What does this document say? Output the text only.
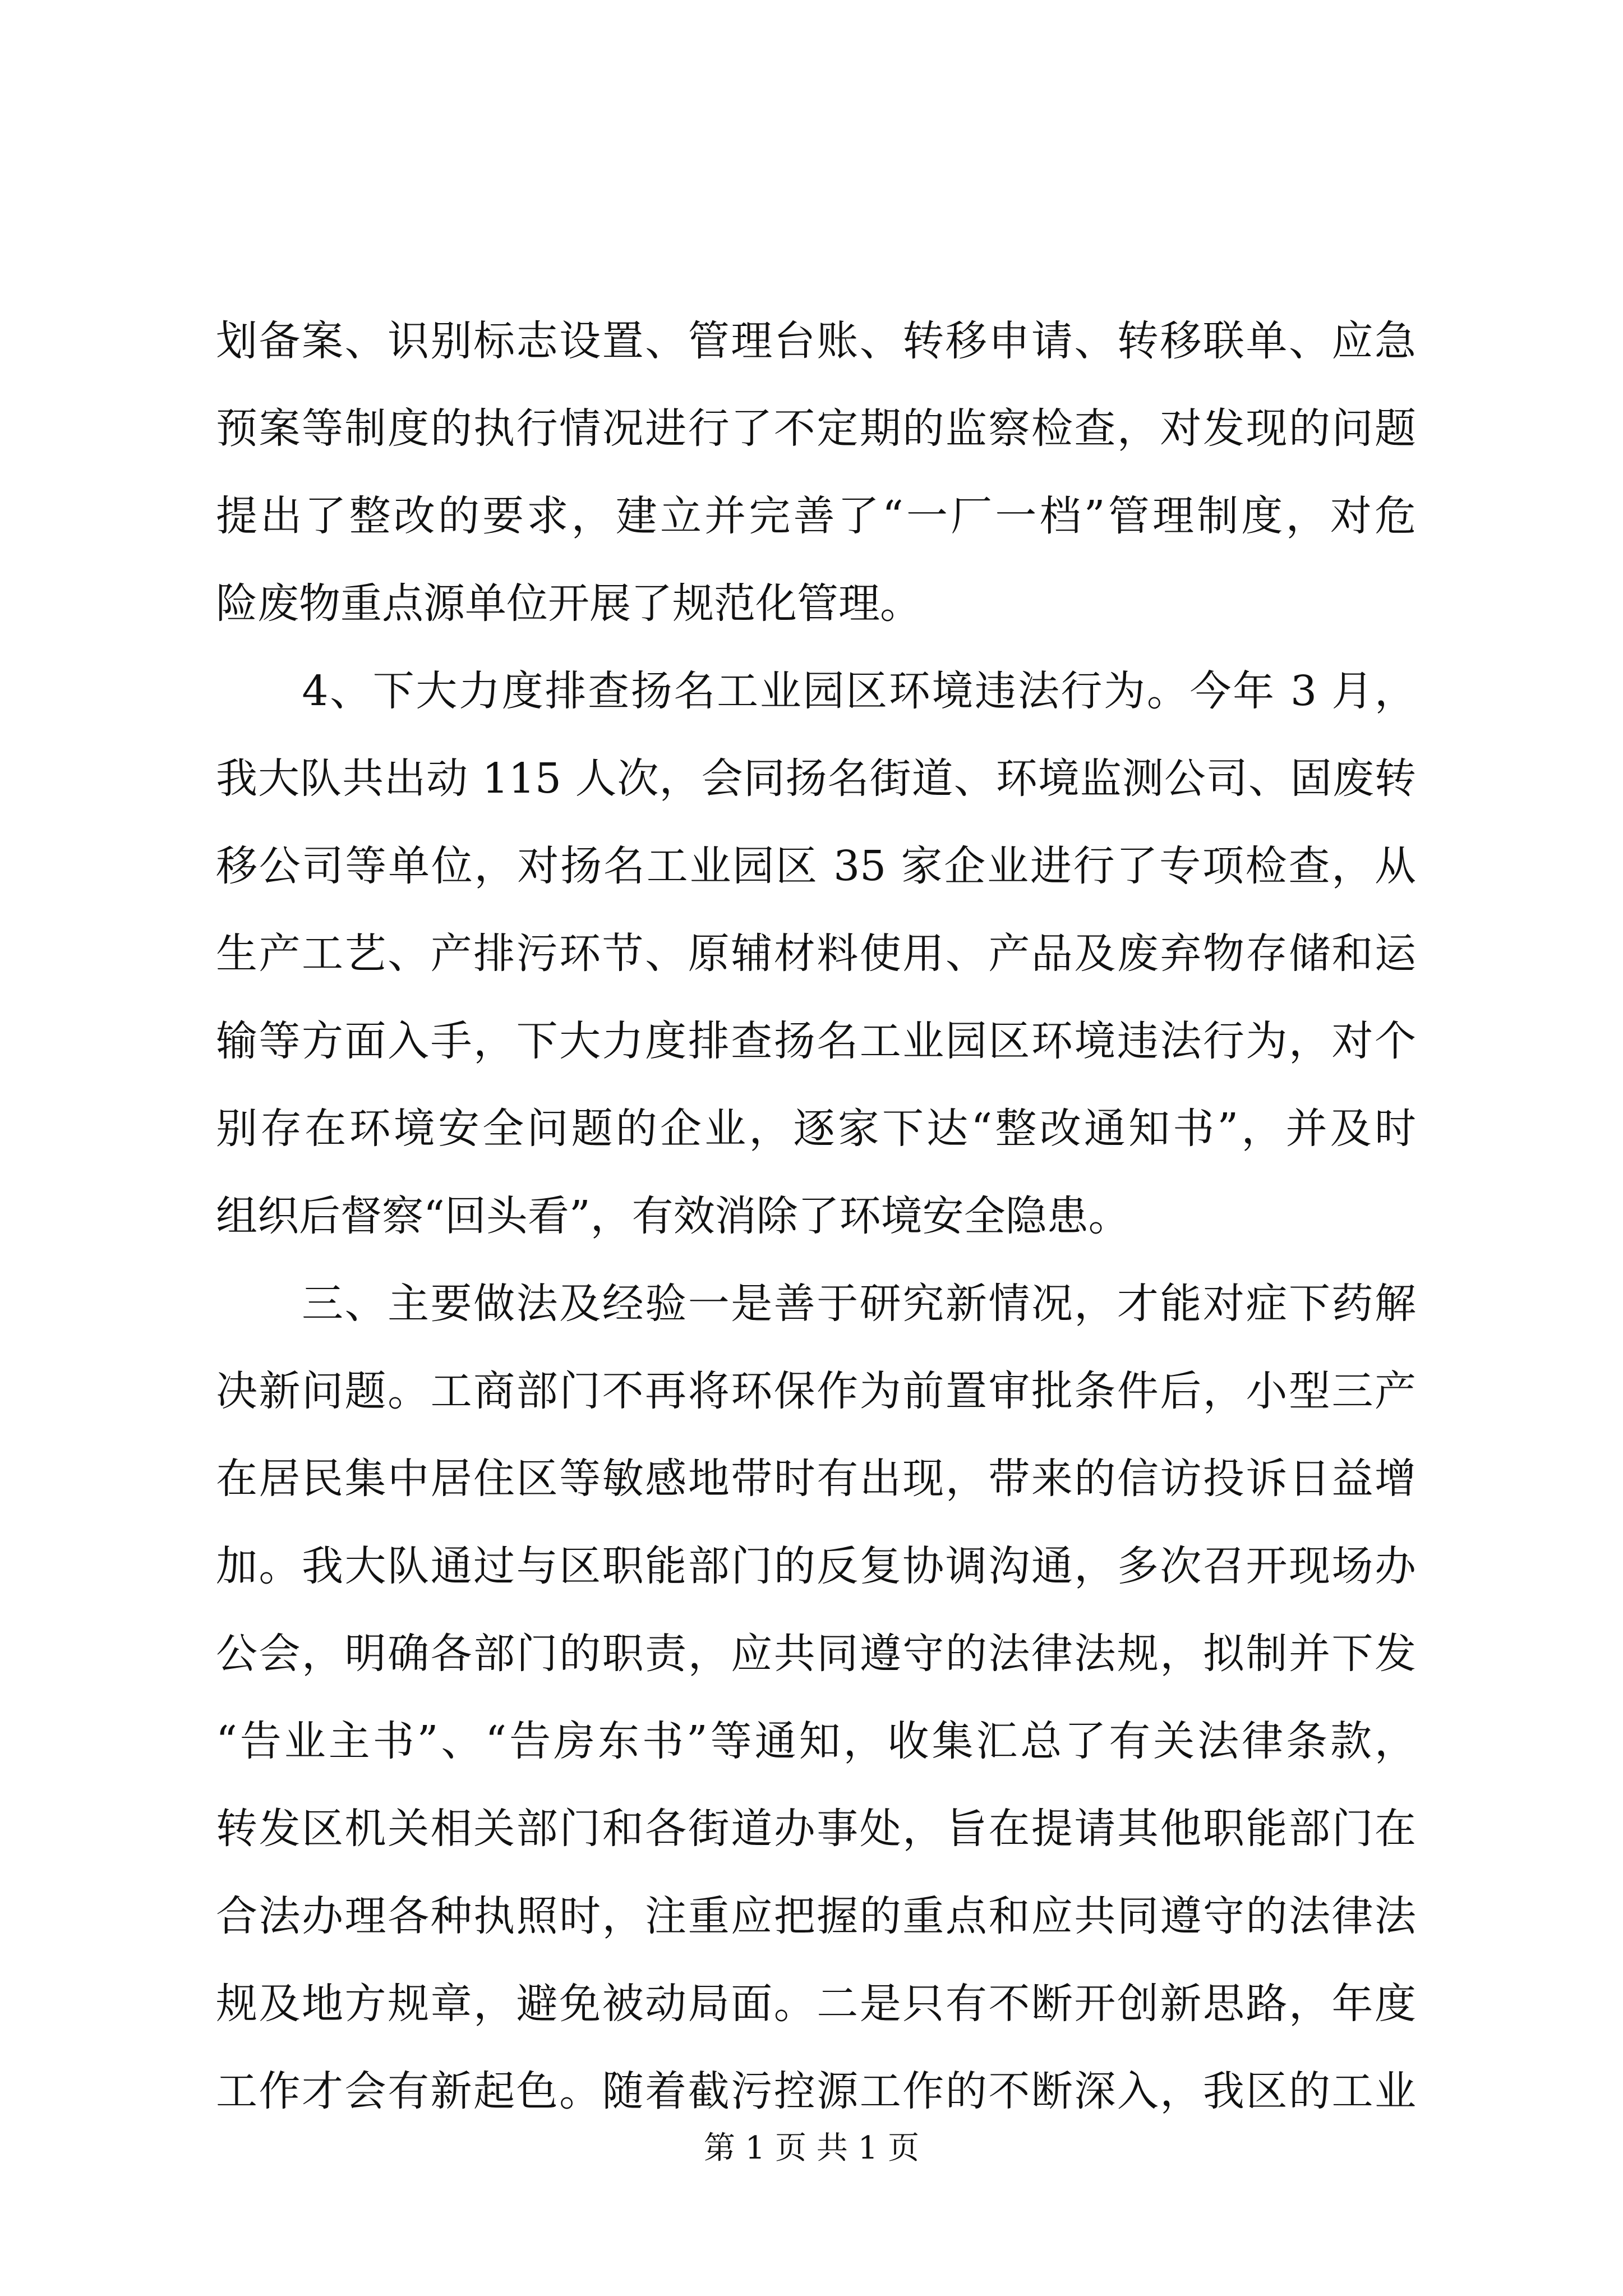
划备案、识别标志设置、管理台账、转移申请、转移联单、应急
预案等制度的执行情况进行了不定期的监察检查，对发现的问题
提出了整改的要求，建立并完善了“一厂一档”管理制度，对危
险废物重点源单位开展了规范化管理。
　　4、下大力度排查扬名工业园区环境违法行为。今年 3 月，
我大队共出动 115 人次，会同扬名街道、环境监测公司、固废转
移公司等单位，对扬名工业园区 35 家企业进行了专项检查，从
生产工艺、产排污环节、原辅材料使用、产品及废弃物存储和运
输等方面入手，下大力度排查扬名工业园区环境违法行为，对个
别存在环境安全问题的企业，逐家下达“整改通知书”，并及时
组织后督察“回头看”，有效消除了环境安全隐患。
　　三、主要做法及经验一是善于研究新情况，才能对症下药解
决新问题。工商部门不再将环保作为前置审批条件后，小型三产
在居民集中居住区等敏感地带时有出现，带来的信访投诉日益增
加。我大队通过与区职能部门的反复协调沟通，多次召开现场办
公会，明确各部门的职责，应共同遵守的法律法规，拟制并下发
“告业主书”、“告房东书”等通知，收集汇总了有关法律条款，
转发区机关相关部门和各街道办事处，旨在提请其他职能部门在
合法办理各种执照时，注重应把握的重点和应共同遵守的法律法
规及地方规章，避免被动局面。二是只有不断开创新思路，年度
工作才会有新起色。随着截污控源工作的不断深入，我区的工业
第 1 页 共 1 页
